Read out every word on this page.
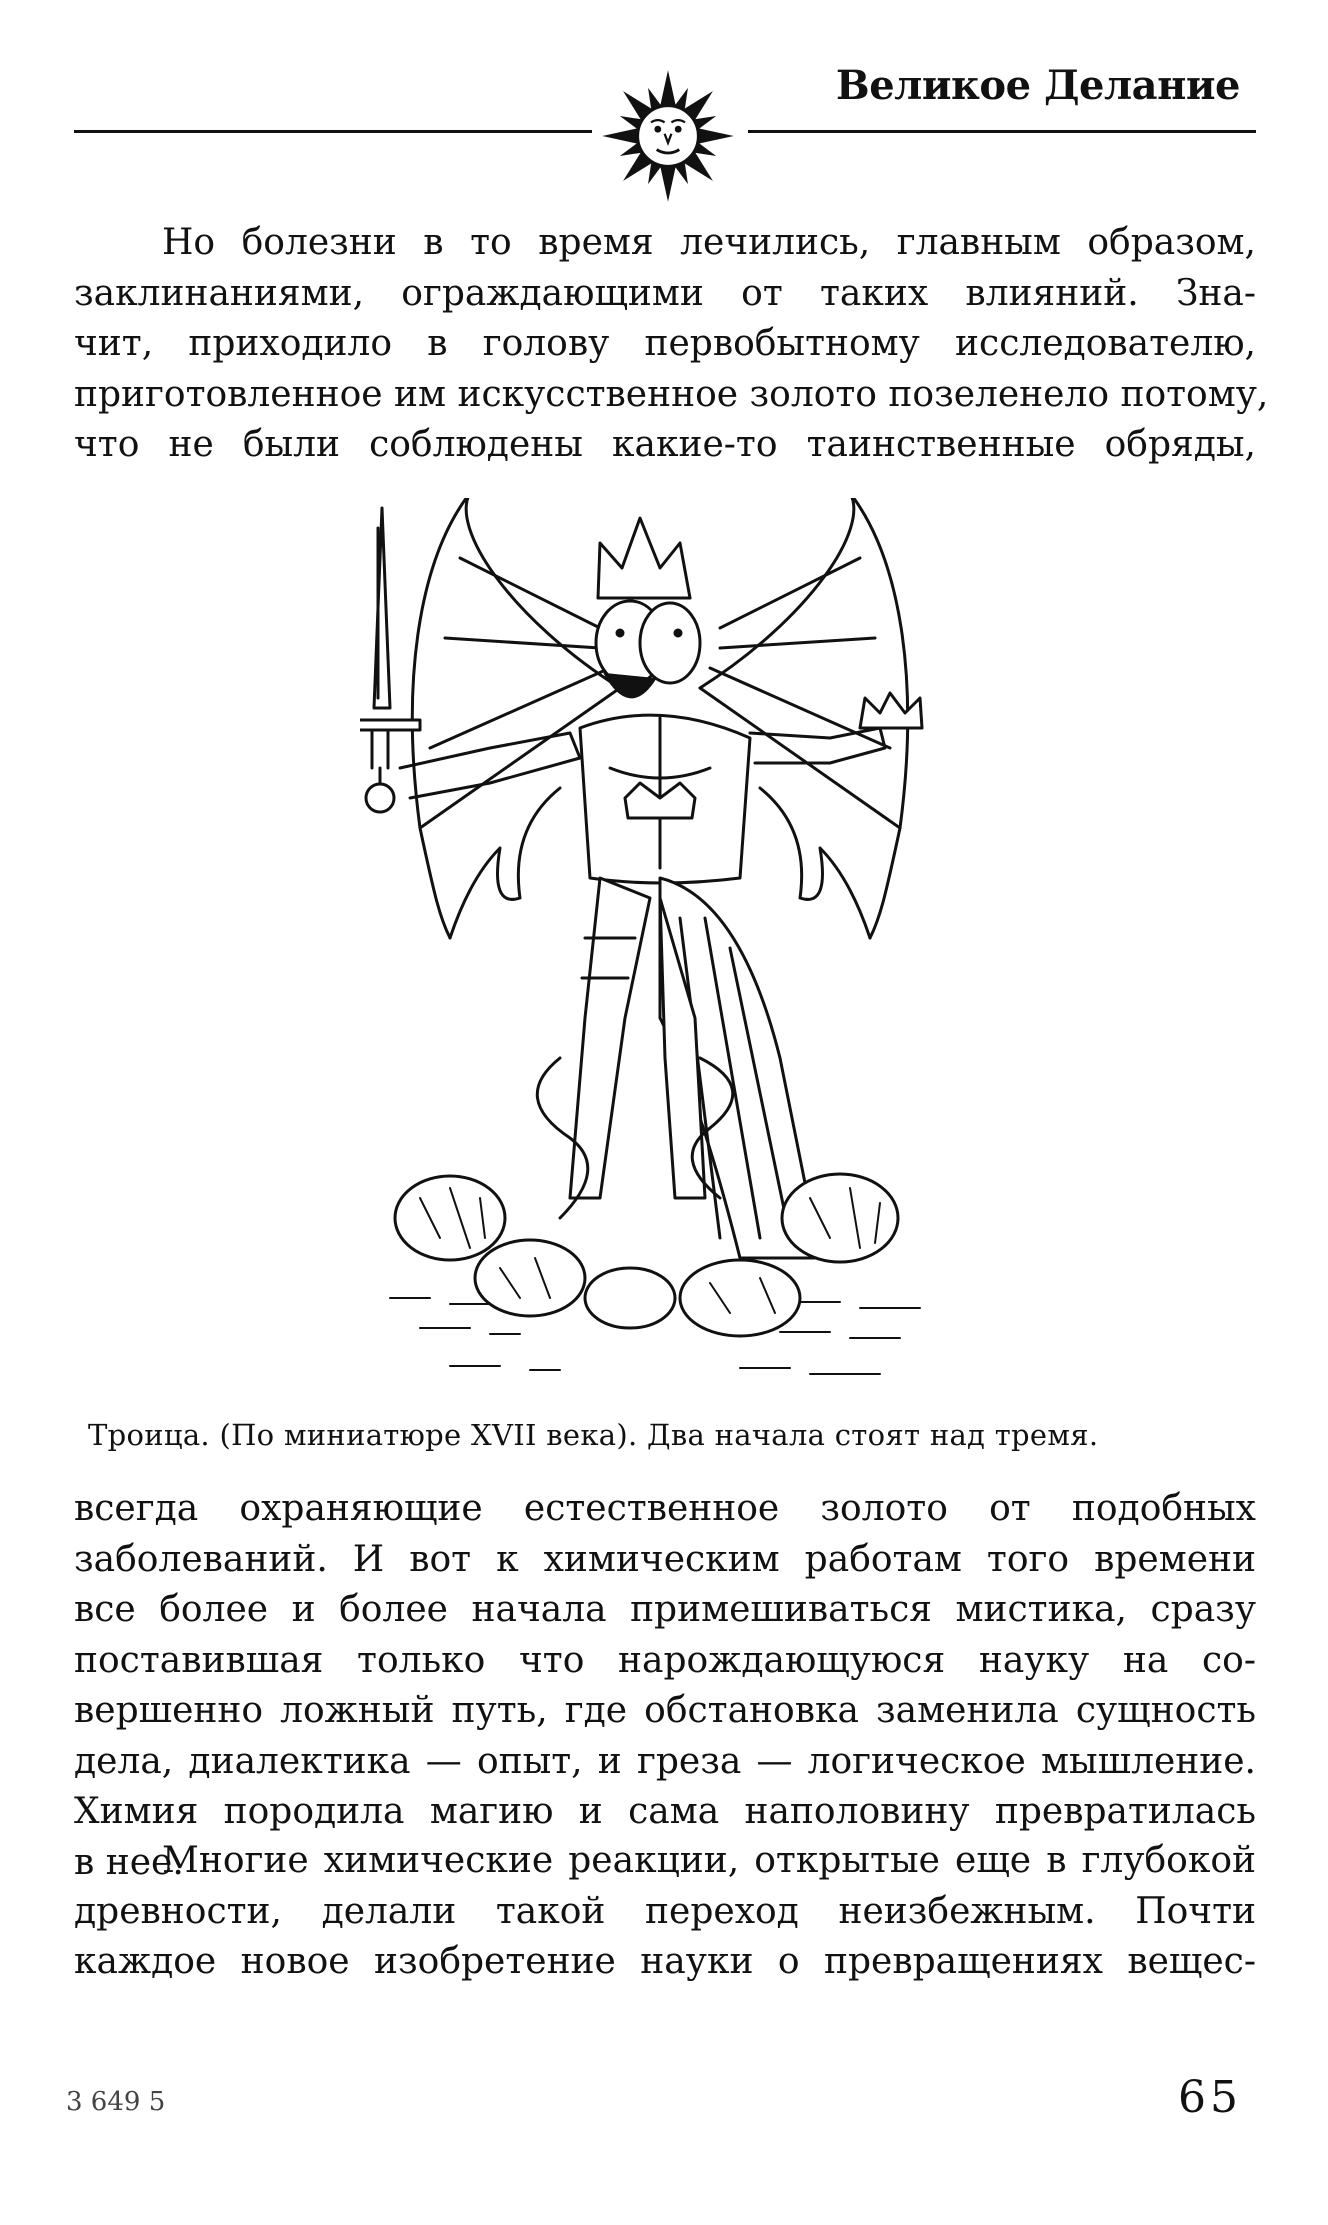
Великое Делание
Но болезни в то время лечились, главным образом,
заклинаниями, ограждающими от таких влияний. Зна-
чит, приходило в голову первобытному исследователю,
приготовленное им искусственное золото позеленело потому,
что не были соблюдены какие-то таинственные обряды,
Троица. (По миниатюре XVII века). Два начала стоят над тремя.
всегда охраняющие естественное золото от подобных
заболеваний. И вот к химическим работам того времени
все более и более начала примешиваться мистика, сразу
поставившая только что нарождающуюся науку на со-
вершенно ложный путь, где обстановка заменила сущность
дела, диалектика — опыт, и греза — логическое мышление.
Химия породила магию и сама наполовину превратилась
в нее.
Многие химические реакции, открытые еще в глубокой
древности, делали такой переход неизбежным. Почти
каждое новое изобретение науки о превращениях вещес-
3 649 5	65
